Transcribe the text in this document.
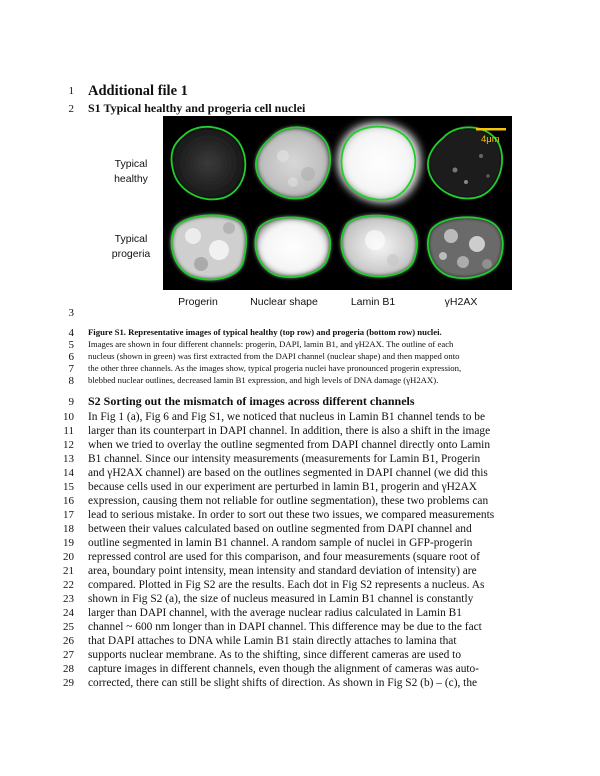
1
2
3
4
5
6
7
8
9
10
11
12
13
14
15
16
17
18
19
20
21
22
23
24
25
26
27
28
29
Additional file 1
S1 Typical healthy and progeria cell nuclei
Typical
healthy
Typical
progeria
4μm
Progerin	Nuclear shape	Lamin B1	γH2AX
Figure S1. Representative images of typical healthy (top row) and progeria (bottom row) nuclei.
Images are shown in four different channels: progerin, DAPI, lamin B1, and γH2AX. The outline of each
nucleus (shown in green) was first extracted from the DAPI channel (nuclear shape) and then mapped onto
the other three channels. As the images show, typical progeria nuclei have pronounced progerin expression,
blebbed nuclear outlines, decreased lamin B1 expression, and high levels of DNA damage (γH2AX).
S2 Sorting out the mismatch of images across different channels
In Fig 1 (a), Fig 6 and Fig S1, we noticed that nucleus in Lamin B1 channel tends to be
larger than its counterpart in DAPI channel. In addition, there is also a shift in the image
when we tried to overlay the outline segmented from DAPI channel directly onto Lamin
B1 channel. Since our intensity measurements (measurements for Lamin B1, Progerin
and γH2AX channel) are based on the outlines segmented in DAPI channel (we did this
because cells used in our experiment are perturbed in lamin B1, progerin and γH2AX
expression, causing them not reliable for outline segmentation), these two problems can
lead to serious mistake. In order to sort out these two issues, we compared measurements
between their values calculated based on outline segmented from DAPI channel and
outline segmented in lamin B1 channel. A random sample of nuclei in GFP-progerin
repressed control are used for this comparison, and four measurements (square root of
area, boundary point intensity, mean intensity and standard deviation of intensity) are
compared. Plotted in Fig S2 are the results. Each dot in Fig S2 represents a nucleus. As
shown in Fig S2 (a), the size of nucleus measured in Lamin B1 channel is constantly
larger than DAPI channel, with the average nuclear radius calculated in Lamin B1
channel ~ 600 nm longer than in DAPI channel. This difference may be due to the fact
that DAPI attaches to DNA while Lamin B1 stain directly attaches to lamina that
supports nuclear membrane. As to the shifting, since different cameras are used to
capture images in different channels, even though the alignment of cameras was auto-
corrected, there can still be slight shifts of direction. As shown in Fig S2 (b) – (c), the
